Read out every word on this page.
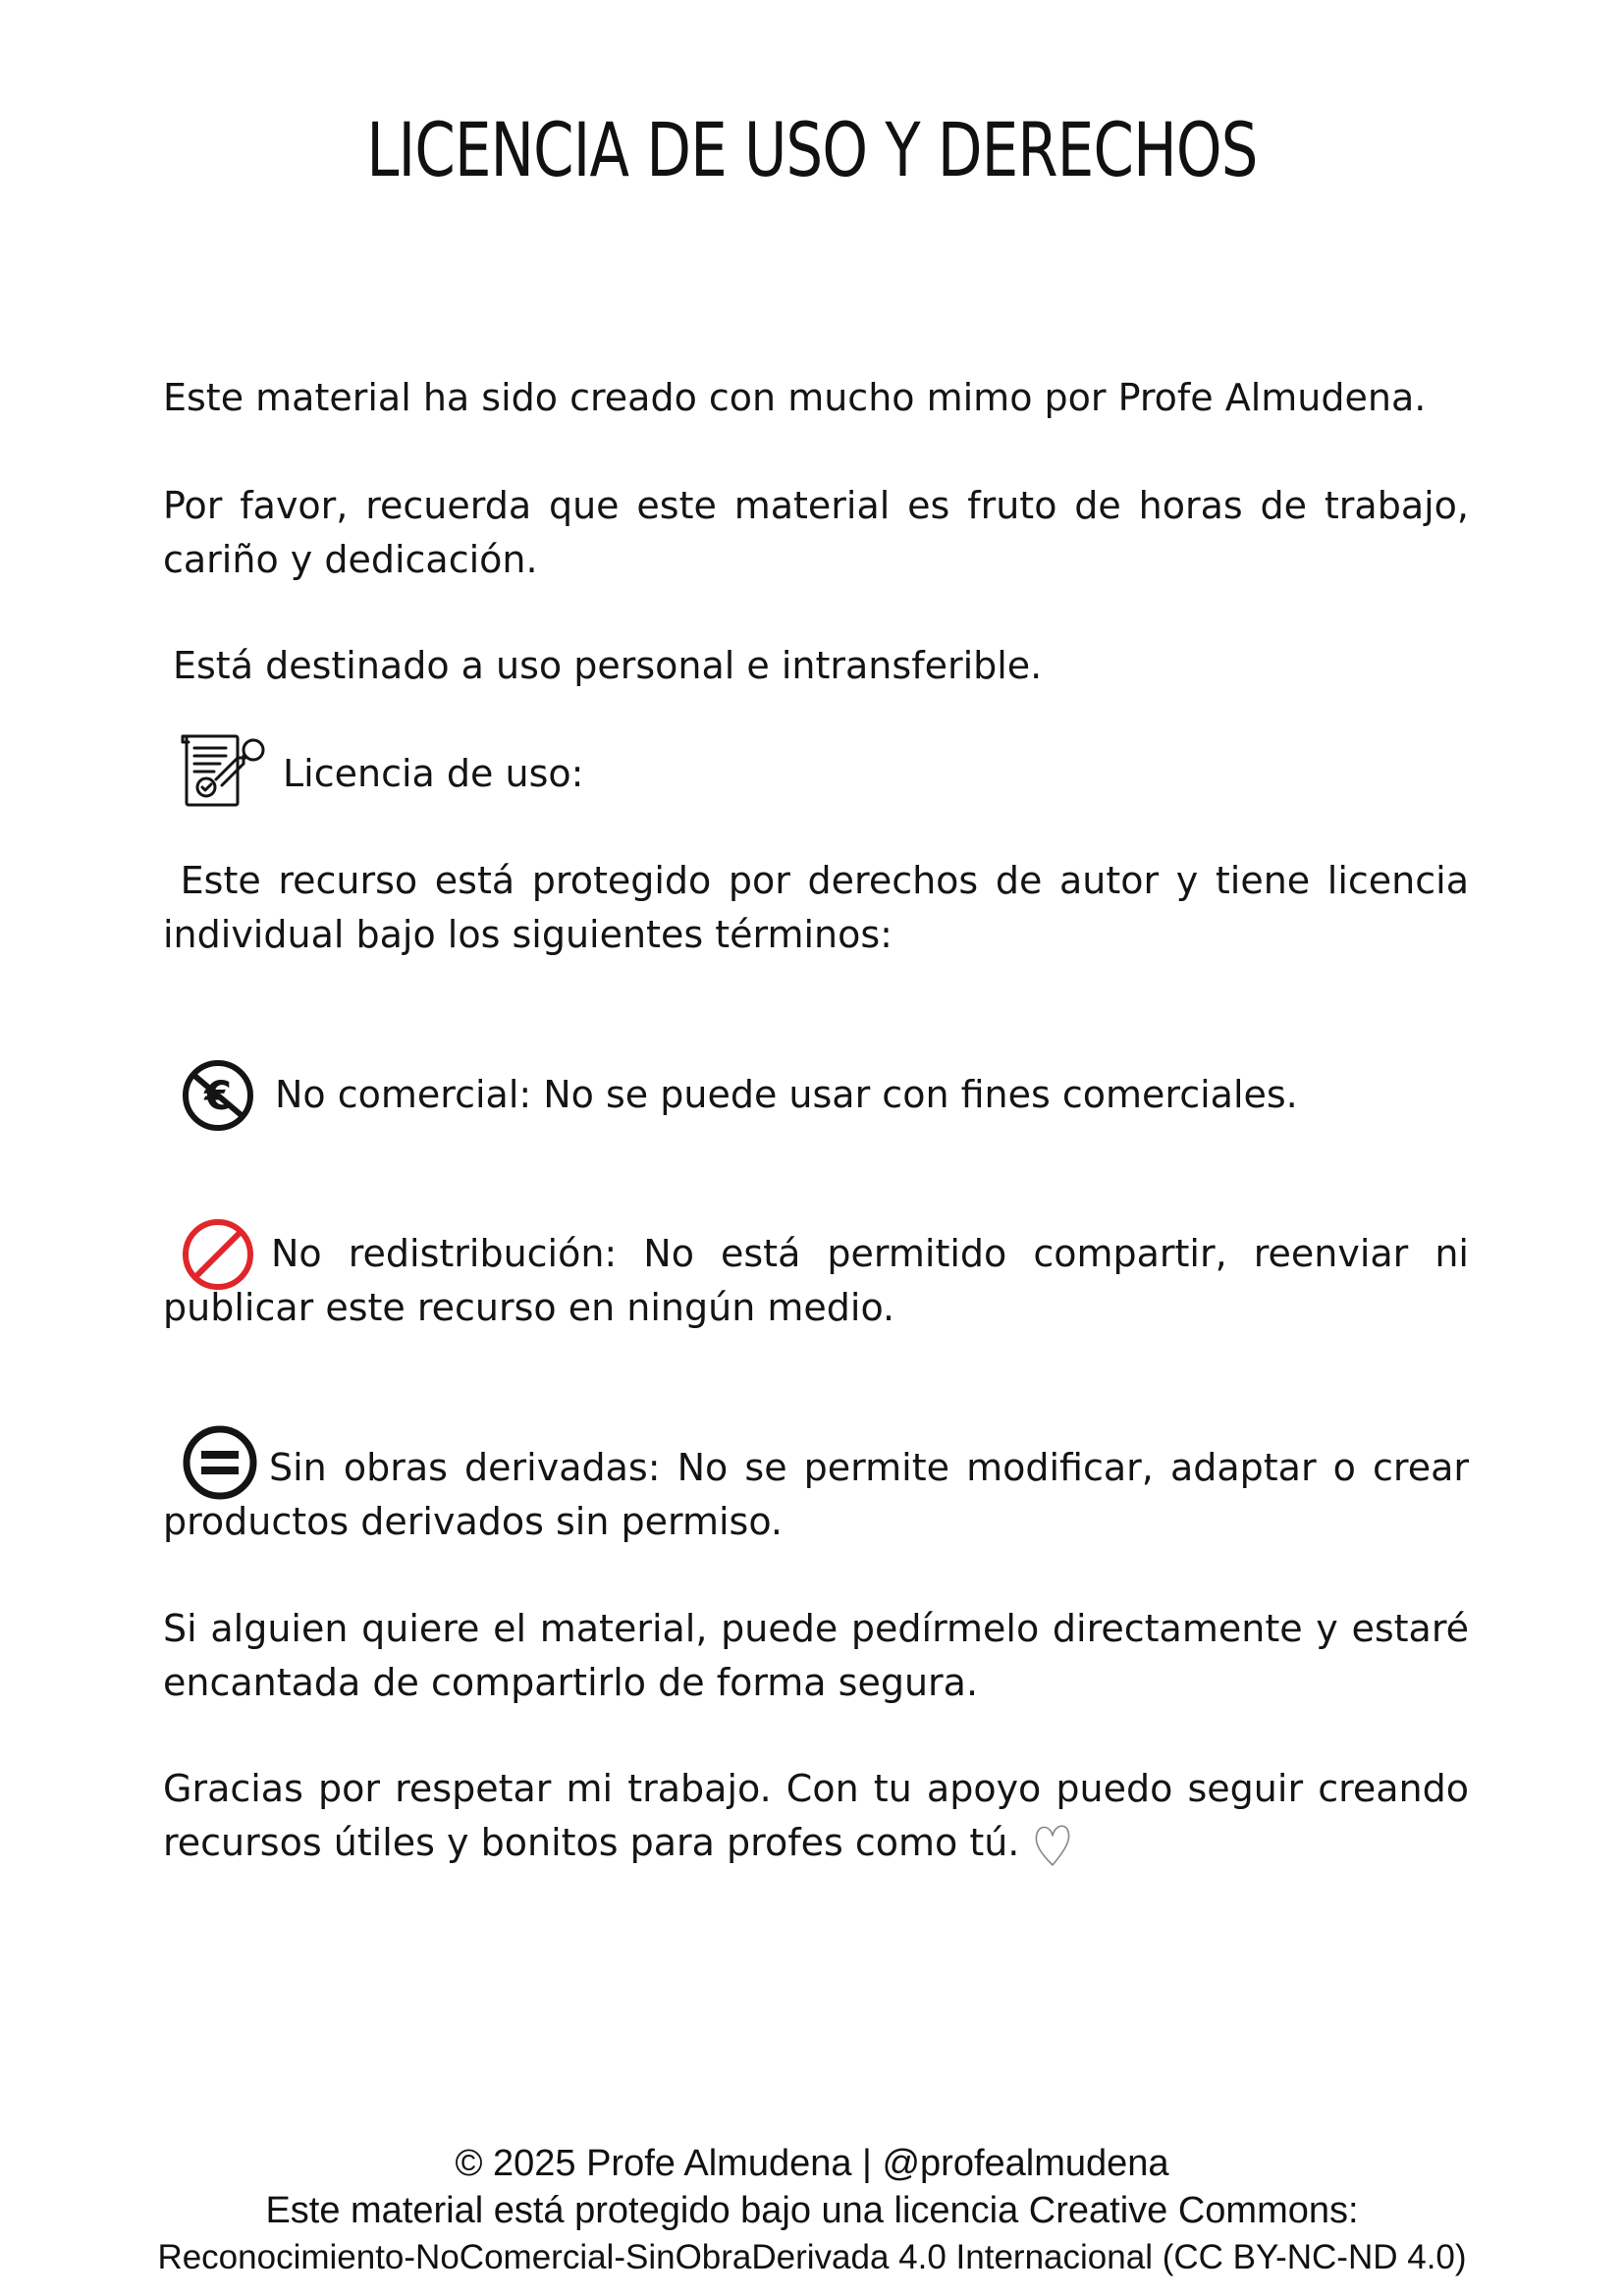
LICENCIA DE USO Y DERECHOS

Este material ha sido creado con mucho mimo por Profe Almudena.

Por favor, recuerda que este material es fruto de horas de trabajo, cariño y dedicación.

Está destinado a uso personal e intransferible.

Licencia de uso:

Este recurso está protegido por derechos de autor y tiene licencia individual bajo los siguientes términos:

€ No comercial: No se puede usar con fines comerciales.

No redistribución: No está permitido compartir, reenviar ni publicar este recurso en ningún medio.

Sin obras derivadas: No se permite modificar, adaptar o crear productos derivados sin permiso.

Si alguien quiere el material, puede pedírmelo directamente y estaré encantada de compartirlo de forma segura.

Gracias por respetar mi trabajo. Con tu apoyo puedo seguir creando recursos útiles y bonitos para profes como tú.

© 2025 Profe Almudena | @profealmudena
Este material está protegido bajo una licencia Creative Commons:
Reconocimiento-NoComercial-SinObraDerivada 4.0 Internacional (CC BY-NC-ND 4.0)
